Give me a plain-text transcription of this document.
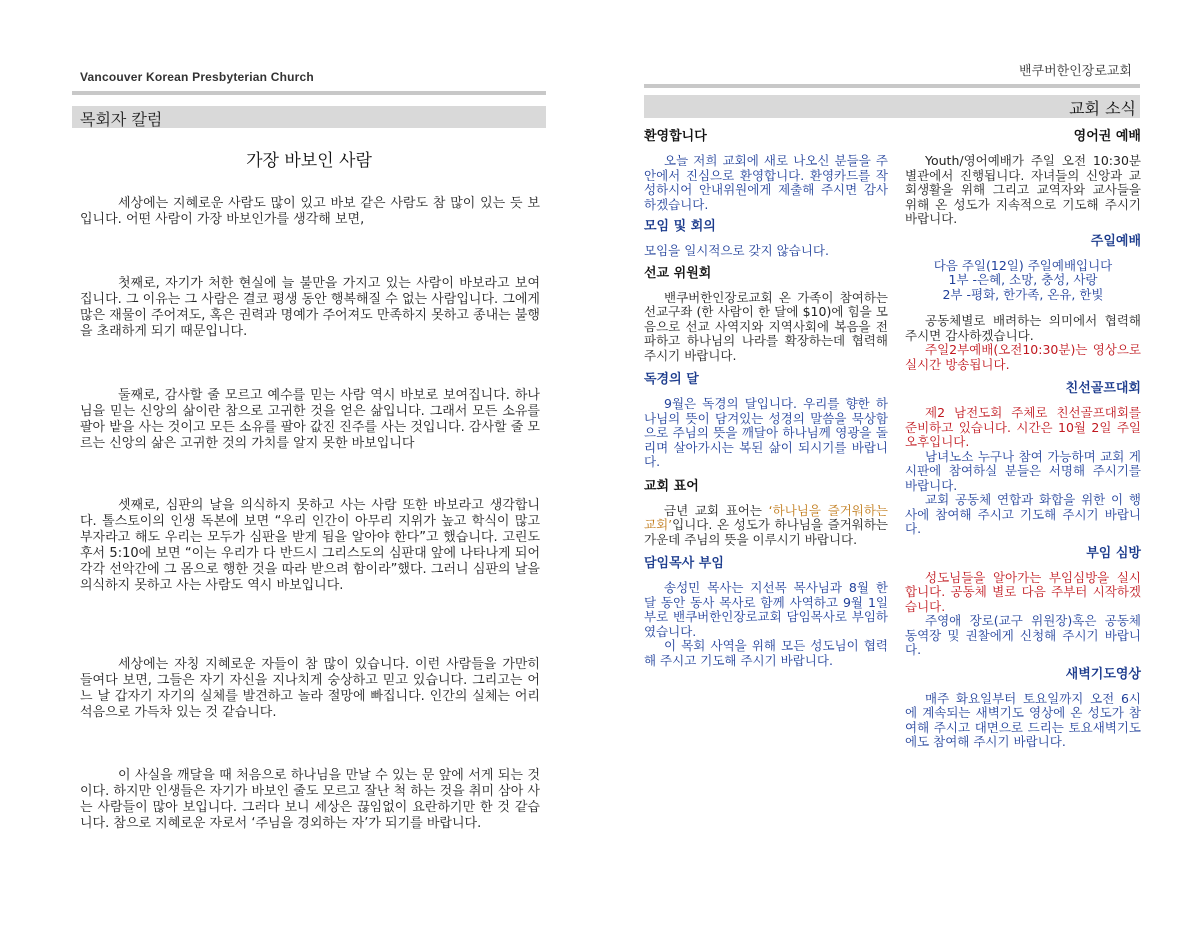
Vancouver Korean Presbyterian Church
목회자 칼럼
가장 바보인 사람

세상에는 지혜로운 사람도 많이 있고 바보 같은 사람도 참 많이 있는 듯 보입니다. 어떤 사람이 가장 바보인가를 생각해 보면,

첫째로, 자기가 처한 현실에 늘 불만을 가지고 있는 사람이 바보라고 보여집니다. 그 이유는 그 사람은 결코 평생 동안 행복해질 수 없는 사람입니다. 그에게 많은 재물이 주어져도, 혹은 권력과 명예가 주어져도 만족하지 못하고 종내는 불행을 초래하게 되기 때문입니다.

둘째로, 감사할 줄 모르고 예수를 믿는 사람 역시 바보로 보여집니다. 하나님을 믿는 신앙의 삶이란 참으로 고귀한 것을 얻은 삶입니다. 그래서 모든 소유를 팔아 밭을 사는 것이고 모든 소유를 팔아 값진 진주를 사는 것입니다. 감사할 줄 모르는 신앙의 삶은 고귀한 것의 가치를 알지 못한 바보입니다

셋째로, 심판의 날을 의식하지 못하고 사는 사람 또한 바보라고 생각합니다. 톨스토이의 인생 독본에 보면 “우리 인간이 아무리 지위가 높고 학식이 많고 부자라고 해도 우리는 모두가 심판을 받게 됨을 알아야 한다”고 했습니다. 고린도 후서 5:10에 보면 “이는 우리가 다 반드시 그리스도의 심판대 앞에 나타나게 되어 각각 선악간에 그 몸으로 행한 것을 따라 받으려 함이라”했다. 그러니 심판의 날을 의식하지 못하고 사는 사람도 역시 바보입니다.

세상에는 자칭 지혜로운 자들이 참 많이 있습니다. 이런 사람들을 가만히 들여다 보면, 그들은 자기 자신을 지나치게 숭상하고 믿고 있습니다. 그리고는 어느 날 갑자기 자기의 실체를 발견하고 놀라 절망에 빠집니다. 인간의 실체는 어리석음으로 가득차 있는 것 같습니다.

이 사실을 깨달을 때 처음으로 하나님을 만날 수 있는 문 앞에 서게 되는 것이다. 하지만 인생들은 자기가 바보인 줄도 모르고 잘난 척 하는 것을 취미 삼아 사는 사람들이 많아 보입니다. 그러다 보니 세상은 끊임없이 요란하기만 한 것 같습니다. 참으로 지혜로운 자로서 ‘주님을 경외하는 자’가 되기를 바랍니다.

밴쿠버한인장로교회
교회 소식
환영합니다

오늘 저희 교회에 새로 나오신 분들을 주 안에서 진심으로 환영합니다. 환영카드를 작성하시어 안내위원에게 제출해 주시면 감사하겠습니다.

모임 및 회의

모임을 일시적으로 갖지 않습니다.

선교 위원회

밴쿠버한인장로교회 온 가족이 참여하는 선교구좌 (한 사람이 한 달에 $10)에 힘을 모음으로 선교 사역지와 지역사회에 복음을 전파하고 하나님의 나라를 확장하는데 협력해 주시기 바랍니다.

독경의 달

9월은 독경의 달입니다. 우리를 향한 하나님의 뜻이 담겨있는 성경의 말씀을 묵상함으로 주님의 뜻을 깨달아 하나님께 영광을 돌리며 살아가시는 복된 삶이 되시기를 바랍니다.

교회 표어

금년 교회 표어는 ‘하나님을 즐거워하는 교회’입니다. 온 성도가 하나님을 즐거워하는 가운데 주님의 뜻을 이루시기 바랍니다.

담임목사 부임

송성민 목사는 지선목 목사님과 8월 한 달 동안 동사 목사로 함께 사역하고 9월 1일부로 밴쿠버한인장로교회 담임목사로 부임하였습니다.

이 목회 사역을 위해 모든 성도님이 협력해 주시고 기도해 주시기 바랍니다.

영어권 예배

Youth/영어예배가 주일 오전 10:30분 별관에서 진행됩니다. 자녀들의 신앙과 교회생활을 위해 그리고 교역자와 교사들을 위해 온 성도가 지속적으로 기도해 주시기 바랍니다.

주일예배

다음 주일(12일) 주일예배입니다

1부 -은혜, 소망, 충성, 사랑

2부 -평화, 한가족, 온유, 한빛

공동체별로 배려하는 의미에서 협력해 주시면 감사하겠습니다.

주일2부예배(오전10:30분)는 영상으로 실시간 방송됩니다.

친선골프대회

제2 남전도회 주체로 친선골프대회를 준비하고 있습니다. 시간은 10월 2일 주일 오후입니다.

남녀노소 누구나 참여 가능하며 교회 게시판에 참여하실 분들은 서명해 주시기를 바랍니다.

교회 공동체 연합과 화합을 위한 이 행사에 참여해 주시고 기도해 주시기 바랍니다.

부임 심방

성도님들을 알아가는 부임심방을 실시합니다. 공동체 별로 다음 주부터 시작하겠습니다.

주영애 장로(교구 위원장)혹은 공동체 동역장 및 권찰에게 신청해 주시기 바랍니다.

새벽기도영상

매주 화요일부터 토요일까지 오전 6시에 계속되는 새벽기도 영상에 온 성도가 참여해 주시고 대면으로 드리는 토요새벽기도에도 참여해 주시기 바랍니다.
